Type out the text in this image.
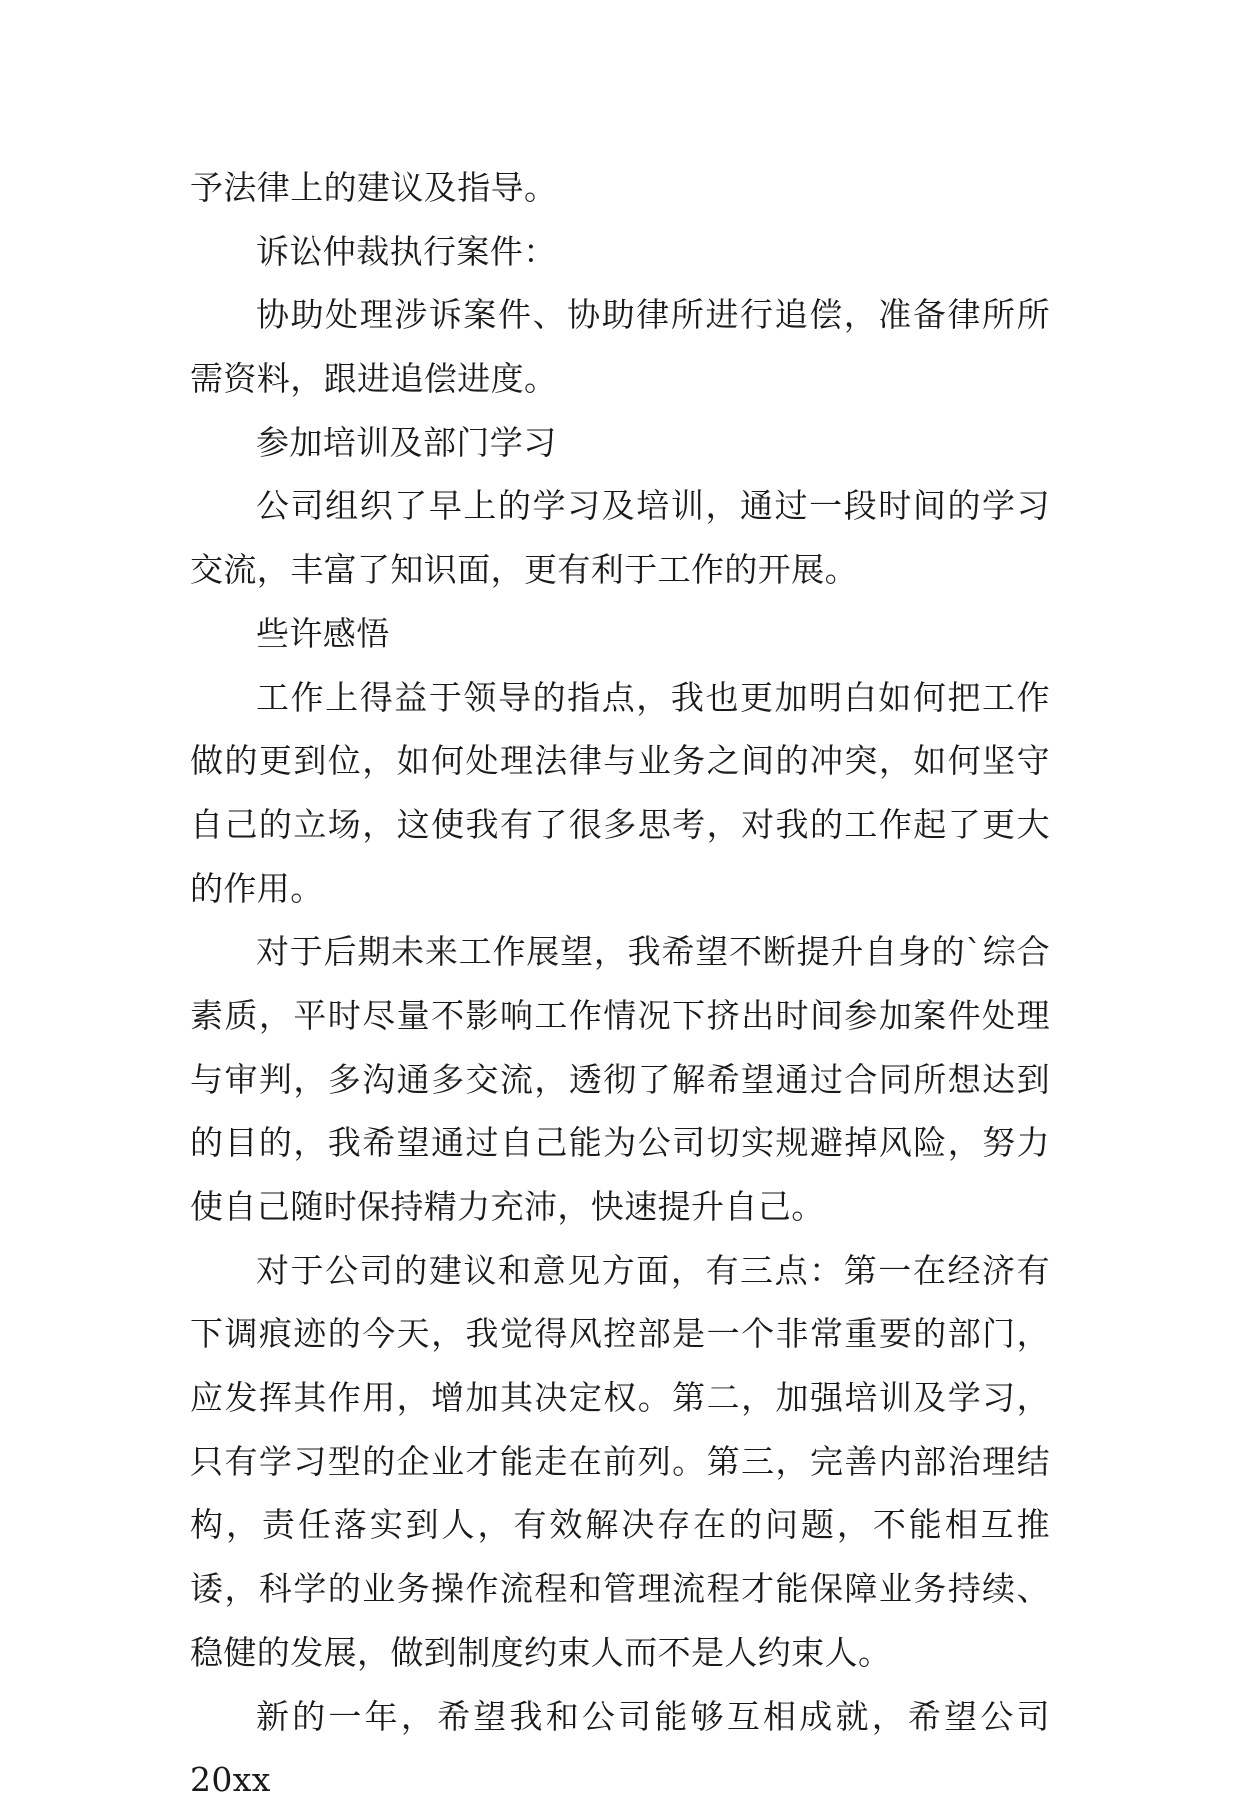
予法律上的建议及指导。

诉讼仲裁执行案件：

协助处理涉诉案件、协助律所进行追偿，准备律所所需资料，跟进追偿进度。

参加培训及部门学习

公司组织了早上的学习及培训，通过一段时间的学习交流，丰富了知识面，更有利于工作的开展。

些许感悟

工作上得益于领导的指点，我也更加明白如何把工作做的更到位，如何处理法律与业务之间的冲突，如何坚守自己的立场，这使我有了很多思考，对我的工作起了更大的作用。

对于后期未来工作展望，我希望不断提升自身的`综合素质，平时尽量不影响工作情况下挤出时间参加案件处理与审判，多沟通多交流，透彻了解希望通过合同所想达到的目的，我希望通过自己能为公司切实规避掉风险，努力使自己随时保持精力充沛，快速提升自己。

对于公司的建议和意见方面，有三点：第一在经济有下调痕迹的今天，我觉得风控部是一个非常重要的部门，应发挥其作用，增加其决定权。第二，加强培训及学习，只有学习型的企业才能走在前列。第三，完善内部治理结构，责任落实到人，有效解决存在的问题，不能相互推诿，科学的业务操作流程和管理流程才能保障业务持续、稳健的发展，做到制度约束人而不是人约束人。

新的一年，希望我和公司能够互相成就，希望公司20xx
